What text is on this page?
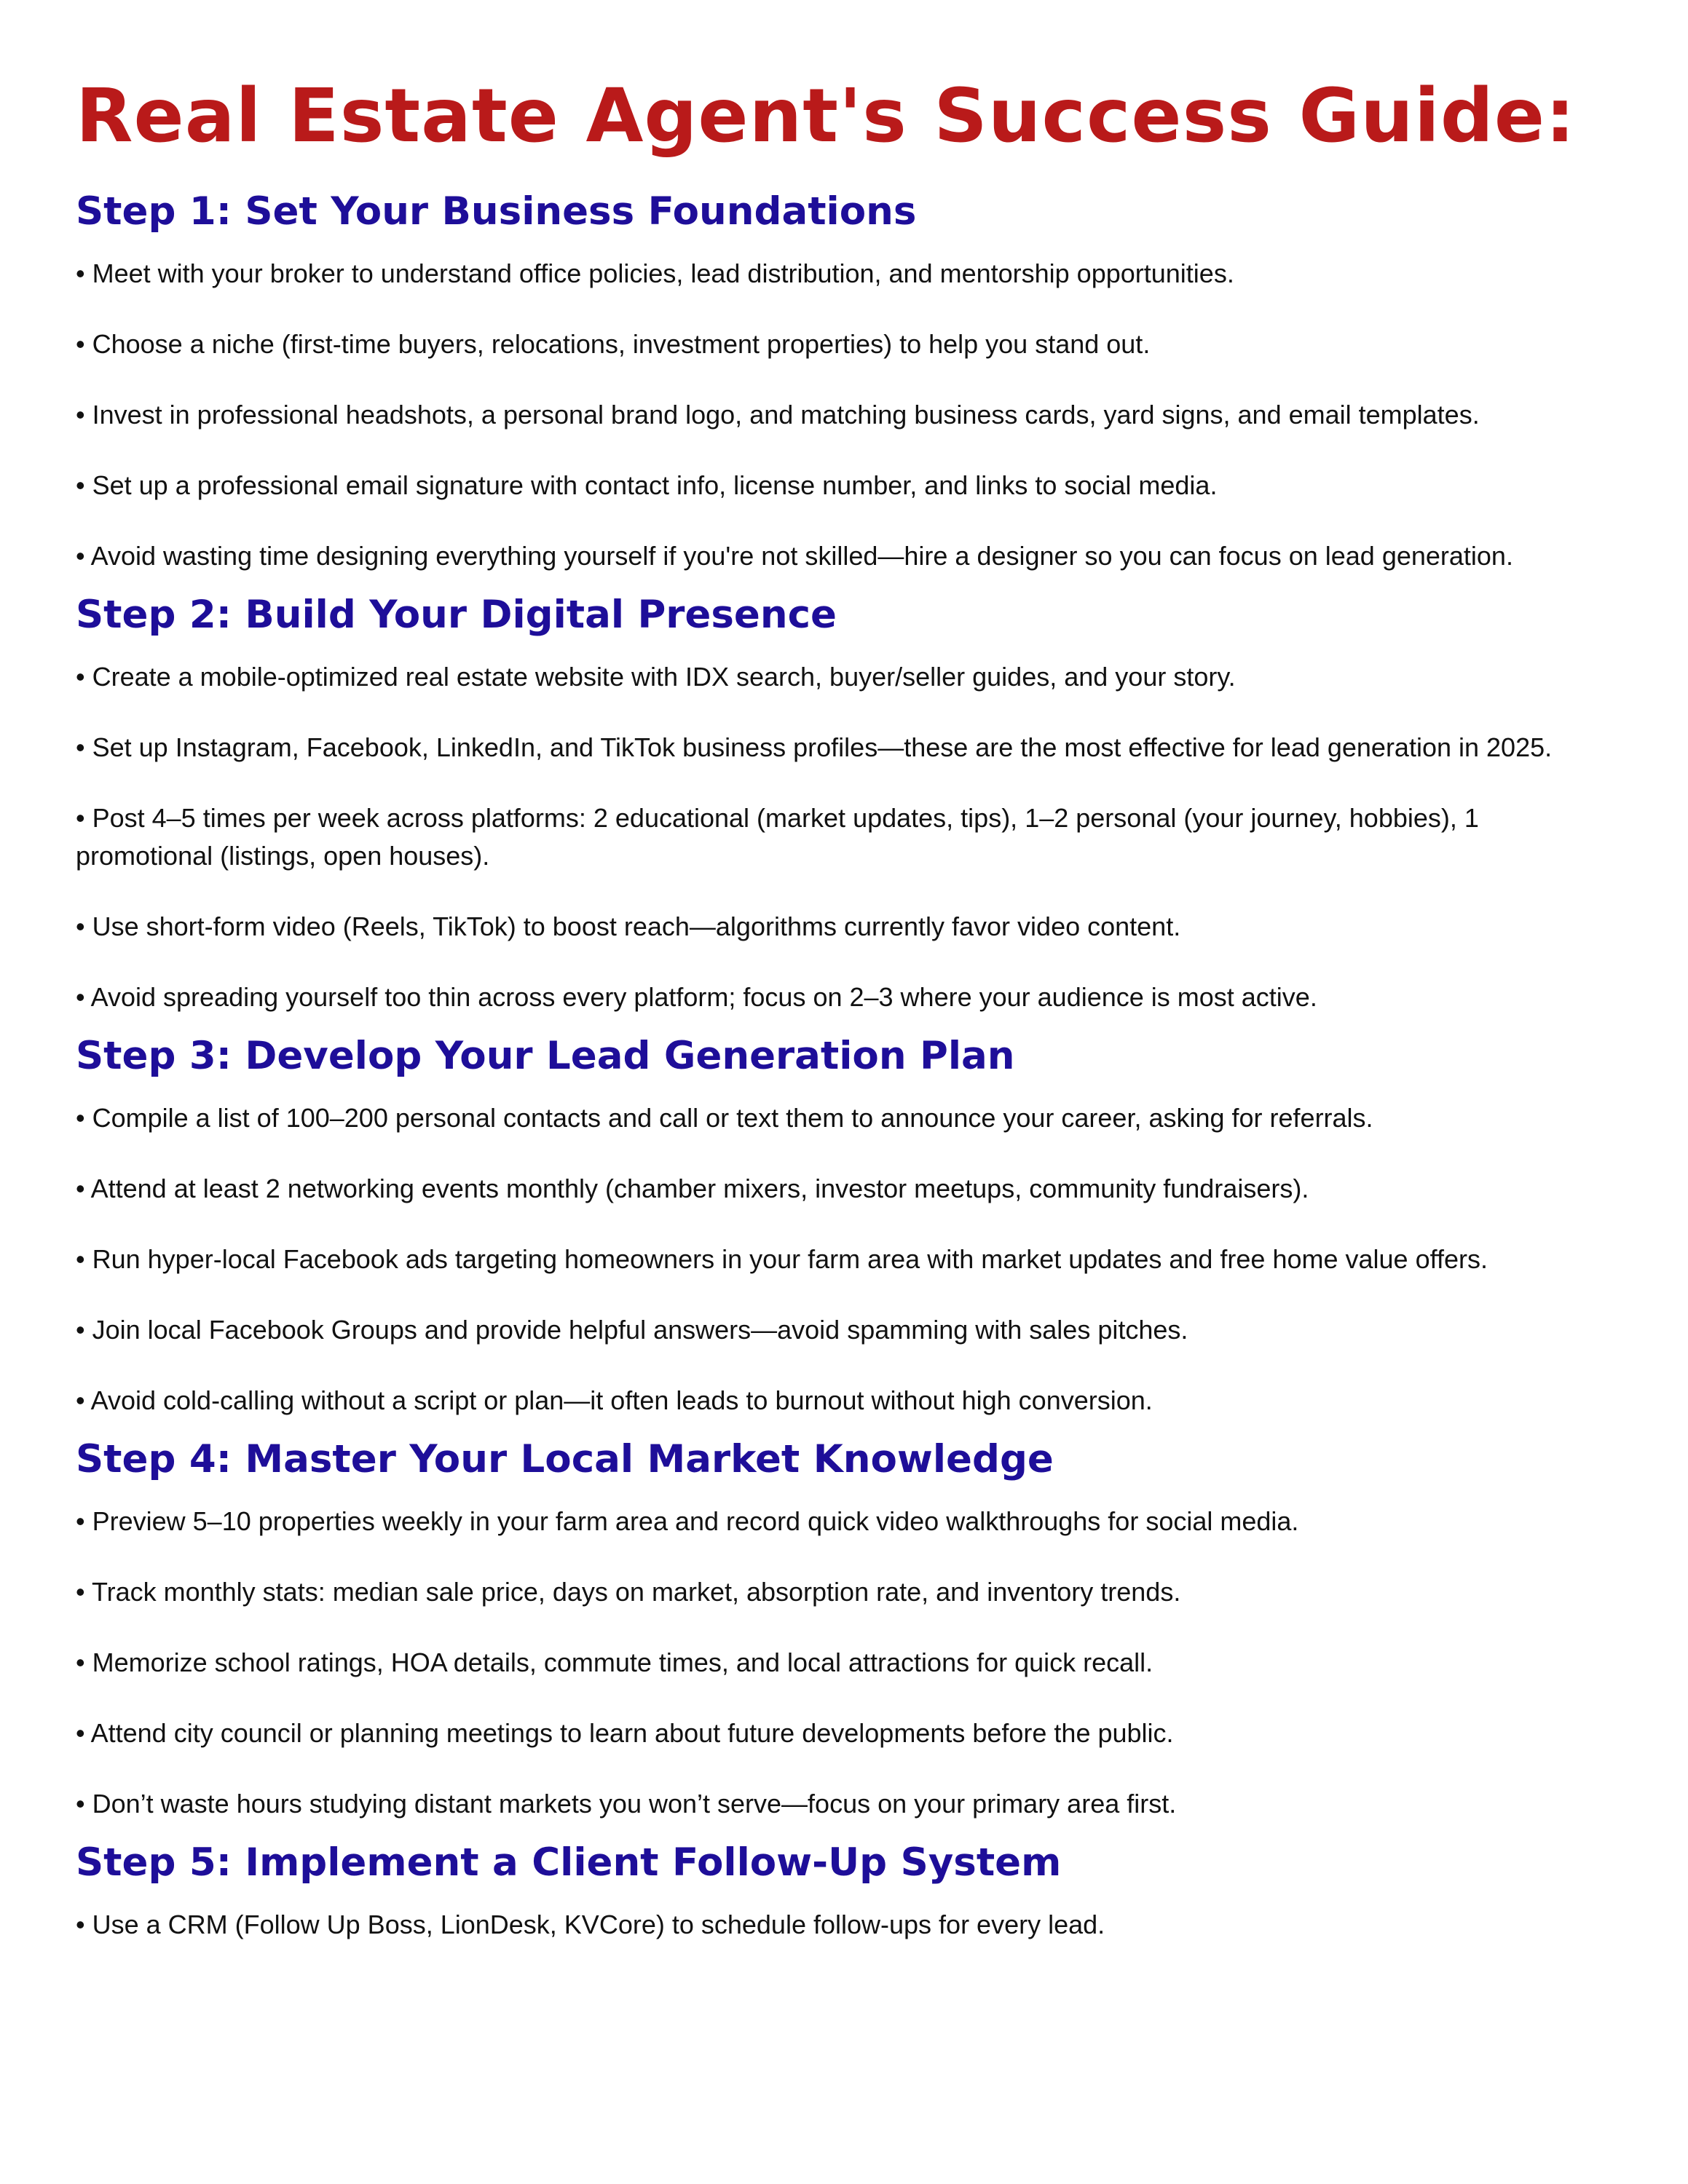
Real Estate Agent's Success Guide:
Step 1: Set Your Business Foundations

• Meet with your broker to understand office policies, lead distribution, and mentorship opportunities.

• Choose a niche (first-time buyers, relocations, investment properties) to help you stand out.

• Invest in professional headshots, a personal brand logo, and matching business cards, yard signs, and email templates.

• Set up a professional email signature with contact info, license number, and links to social media.

• Avoid wasting time designing everything yourself if you're not skilled—hire a designer so you can focus on lead generation.

Step 2: Build Your Digital Presence

• Create a mobile-optimized real estate website with IDX search, buyer/seller guides, and your story.

• Set up Instagram, Facebook, LinkedIn, and TikTok business profiles—these are the most effective for lead generation in 2025.

• Post 4–5 times per week across platforms: 2 educational (market updates, tips), 1–2 personal (your journey, hobbies), 1 promotional (listings, open houses).

• Use short-form video (Reels, TikTok) to boost reach—algorithms currently favor video content.

• Avoid spreading yourself too thin across every platform; focus on 2–3 where your audience is most active.

Step 3: Develop Your Lead Generation Plan

• Compile a list of 100–200 personal contacts and call or text them to announce your career, asking for referrals.

• Attend at least 2 networking events monthly (chamber mixers, investor meetups, community fundraisers).

• Run hyper-local Facebook ads targeting homeowners in your farm area with market updates and free home value offers.

• Join local Facebook Groups and provide helpful answers—avoid spamming with sales pitches.

• Avoid cold-calling without a script or plan—it often leads to burnout without high conversion.

Step 4: Master Your Local Market Knowledge

• Preview 5–10 properties weekly in your farm area and record quick video walkthroughs for social media.

• Track monthly stats: median sale price, days on market, absorption rate, and inventory trends.

• Memorize school ratings, HOA details, commute times, and local attractions for quick recall.

• Attend city council or planning meetings to learn about future developments before the public.

• Don’t waste hours studying distant markets you won’t serve—focus on your primary area first.

Step 5: Implement a Client Follow-Up System

• Use a CRM (Follow Up Boss, LionDesk, KVCore) to schedule follow-ups for every lead.
